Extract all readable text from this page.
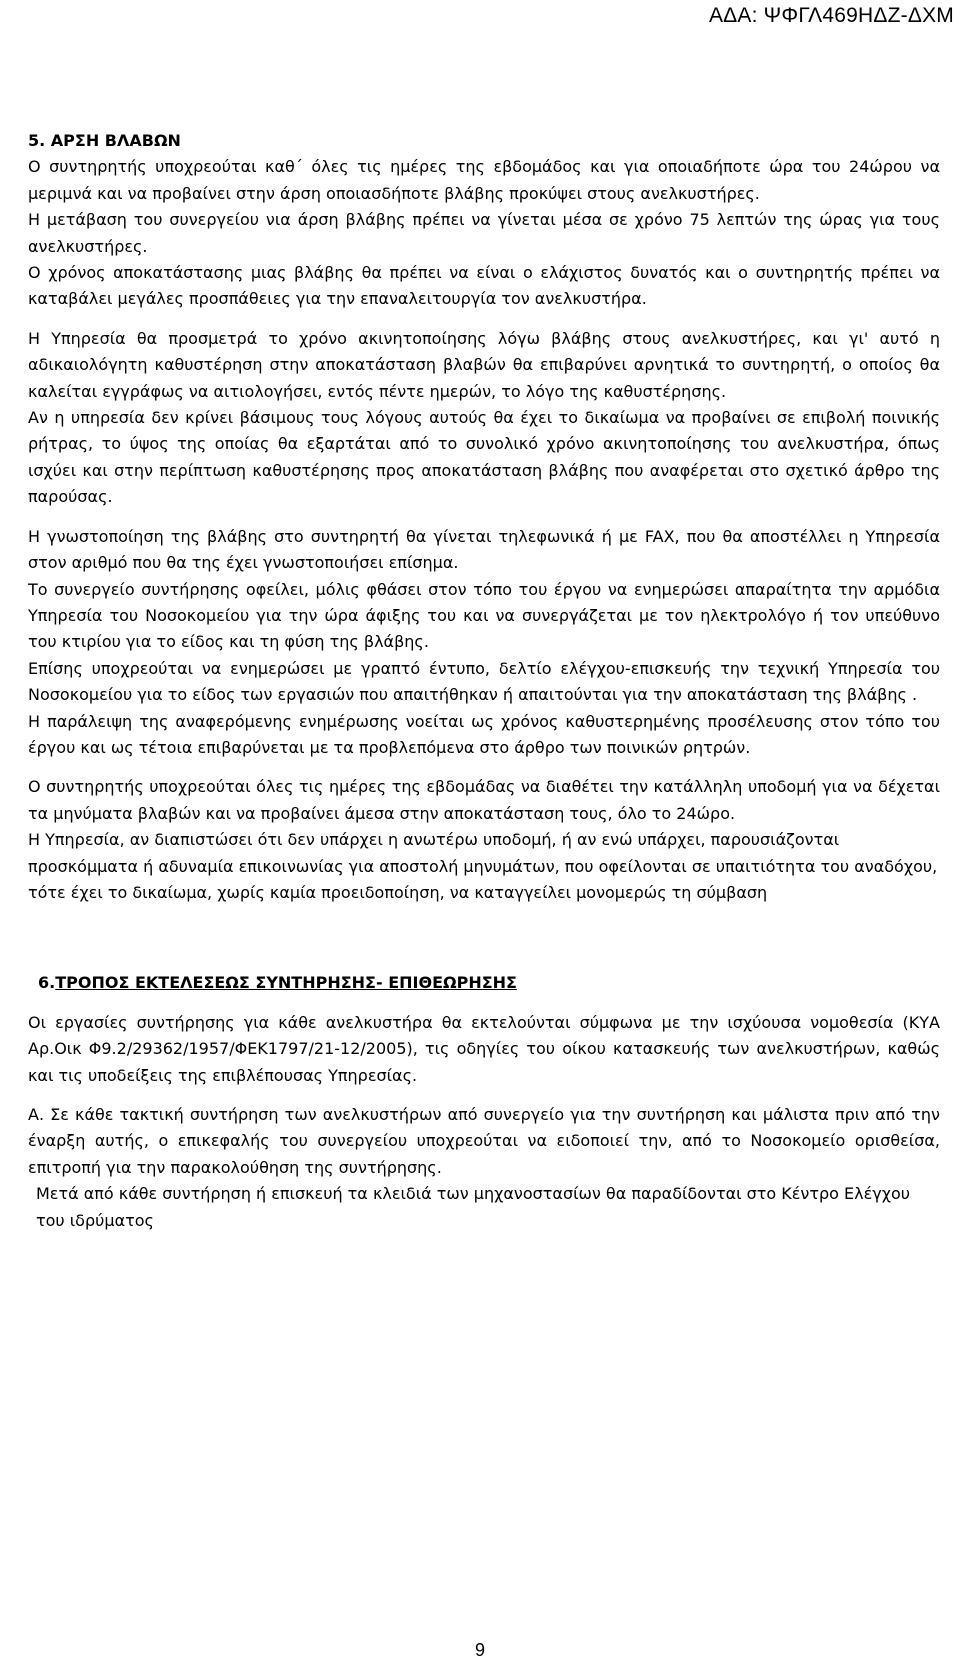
ΑΔΑ: ΨΦΓΛ469ΗΔΖ-ΔΧΜ

5. ΑΡΣΗ ΒΛΑΒΩΝ

Ο συντηρητής υποχρεούται καθ΄ όλες τις ημέρες της εβδομάδος και για οποιαδήποτε ώρα του 24ώρου να μεριμνά και να προβαίνει στην άρση οποιασδήποτε βλάβης προκύψει στους ανελκυστήρες.

Η μετάβαση του συνεργείου νια άρση βλάβης πρέπει να γίνεται μέσα σε χρόνο 75 λεπτών της ώρας για τους ανελκυστήρες.

Ο χρόνος αποκατάστασης μιας βλάβης θα πρέπει να είναι ο ελάχιστος δυνατός και ο συντηρητής πρέπει να καταβάλει μεγάλες προσπάθειες για την επαναλειτουργία τον ανελκυστήρα.

Η Υπηρεσία θα προσμετρά το χρόνο ακινητοποίησης λόγω βλάβης στους ανελκυστήρες, και γι' αυτό η αδικαιολόγητη καθυστέρηση στην αποκατάσταση βλαβών θα επιβαρύνει αρνητικά το συντηρητή, ο οποίος θα καλείται εγγράφως να αιτιολογήσει, εντός πέντε ημερών, το λόγο της καθυστέρησης.

Αν η υπηρεσία δεν κρίνει βάσιμους τους λόγους αυτούς θα έχει το δικαίωμα να προβαίνει σε επιβολή ποινικής ρήτρας, το ύψος της οποίας θα εξαρτάται από το συνολικό χρόνο ακινητοποίησης του ανελκυστήρα, όπως ισχύει και στην περίπτωση καθυστέρησης προς αποκατάσταση βλάβης που αναφέρεται στο σχετικό άρθρο της παρούσας.

Η γνωστοποίηση της βλάβης στο συντηρητή θα γίνεται τηλεφωνικά ή με FAX, που θα αποστέλλει η Υπηρεσία στον αριθμό που θα της έχει γνωστοποιήσει επίσημα.

Το συνεργείο συντήρησης οφείλει, μόλις φθάσει στον τόπο του έργου να ενημερώσει απαραίτητα την αρμόδια Υπηρεσία του Νοσοκομείου για την ώρα άφιξης του και να συνεργάζεται με τον ηλεκτρολόγο ή τον υπεύθυνο του κτιρίου για το είδος και τη φύση της βλάβης.

Επίσης υποχρεούται να ενημερώσει με γραπτό έντυπο, δελτίο ελέγχου-επισκευής την τεχνική Υπηρεσία του Νοσοκομείου για το είδος των εργασιών που απαιτήθηκαν ή απαιτούνται για την αποκατάσταση της βλάβης .

Η παράλειψη της αναφερόμενης ενημέρωσης νοείται ως χρόνος καθυστερημένης προσέλευσης στον τόπο του έργου και ως τέτοια επιβαρύνεται με τα προβλεπόμενα στο άρθρο των ποινικών ρητρών.

Ο συντηρητής υποχρεούται όλες τις ημέρες της εβδομάδας να διαθέτει την κατάλληλη υποδομή για να δέχεται τα μηνύματα βλαβών και να προβαίνει άμεσα στην αποκατάσταση τους, όλο το 24ώρο.

Η Υπηρεσία, αν διαπιστώσει ότι δεν υπάρχει η ανωτέρω υποδομή, ή αν ενώ υπάρχει, παρουσιάζονται προσκόμματα ή αδυναμία επικοινωνίας για αποστολή μηνυμάτων, που οφείλονται σε υπαιτιότητα του αναδόχου, τότε έχει το δικαίωμα, χωρίς καμία προειδοποίηση, να καταγγείλει μονομερώς τη σύμβαση

6.ΤΡΟΠΟΣ ΕΚΤΕΛΕΣΕΩΣ ΣΥΝΤΗΡΗΣΗΣ- ΕΠΙΘΕΩΡΗΣΗΣ

Οι εργασίες συντήρησης για κάθε ανελκυστήρα θα εκτελούνται σύμφωνα με την ισχύουσα νομοθεσία (ΚΥΑ Αρ.Οικ Φ9.2/29362/1957/ΦΕΚ1797/21-12/2005), τις οδηγίες του οίκου κατασκευής των ανελκυστήρων, καθώς και τις υποδείξεις της επιβλέπουσας Υπηρεσίας.

Α. Σε κάθε τακτική συντήρηση των ανελκυστήρων από συνεργείο για την συντήρηση και μάλιστα πριν από την έναρξη αυτής, ο επικεφαλής του συνεργείου υποχρεούται να ειδοποιεί την, από το Νοσοκομείο ορισθείσα, επιτροπή για την παρακολούθηση της συντήρησης.

Μετά από κάθε συντήρηση ή επισκευή τα κλειδιά των μηχανοστασίων θα παραδίδονται στο Κέντρο Ελέγχου του ιδρύματος

9
